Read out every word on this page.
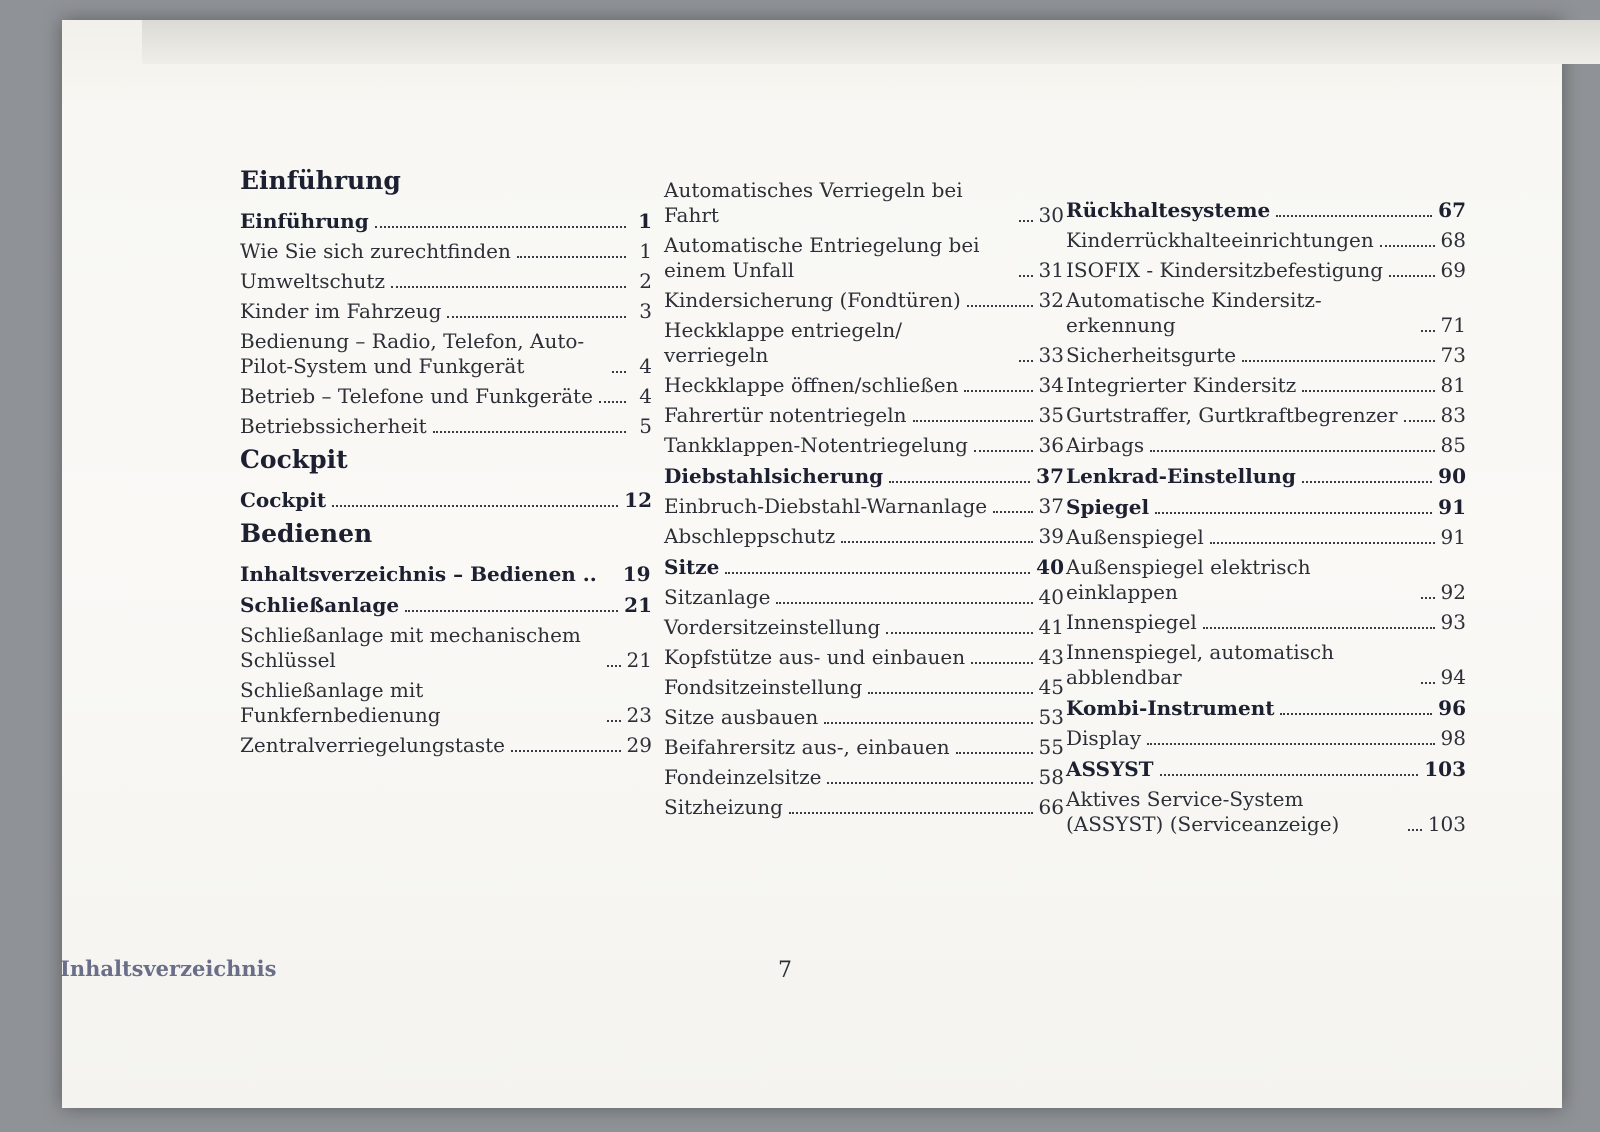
Einführung
Einführung	1
Wie Sie sich zurechtfinden	1
Umweltschutz	2
Kinder im Fahrzeug	3
Bedienung – Radio, Telefon, Auto-Pilot-System und Funkgerät	4
Betrieb – Telefone und Funkgeräte	4
Betriebssicherheit	5
Cockpit
Cockpit	12
Bedienen
Inhaltsverzeichnis – Bedienen .. 19
Schließanlage	21
Schließanlage mit mechanischem Schlüssel	21
Schließanlage mit Funkfernbedienung	23
Zentralverriegelungstaste	29
Automatisches Verriegeln bei Fahrt	30
Automatische Entriegelung bei einem Unfall	31
Kindersicherung (Fondtüren)	32
Heckklappe entriegeln/ verriegeln	33
Heckklappe öffnen/schließen	34
Fahrertür notentriegeln	35
Tankklappen-Notentriegelung	36
Diebstahlsicherung	37
Einbruch-Diebstahl-Warnanlage	37
Abschleppschutz	39
Sitze	40
Sitzanlage	40
Vordersitzeinstellung	41
Kopfstütze aus- und einbauen	43
Fondsitzeinstellung	45
Sitze ausbauen	53
Beifahrersitz aus-, einbauen	55
Fondeinzelsitze	58
Sitzheizung	66
Rückhaltesysteme	67
Kinderrückhalteeinrichtungen	68
ISOFIX - Kindersitzbefestigung	69
Automatische Kindersitz-erkennung	71
Sicherheitsgurte	73
Integrierter Kindersitz	81
Gurtstraffer, Gurtkraftbegrenzer 83
Airbags	85
Lenkrad-Einstellung	90
Spiegel	91
Außenspiegel	91
Außenspiegel elektrisch einklappen	92
Innenspiegel	93
Innenspiegel, automatisch abblendbar	94
Kombi-Instrument	96
Display	98
ASSYST	103
Aktives Service-System (ASSYST) (Serviceanzeige)	103
Inhaltsverzeichnis	7
